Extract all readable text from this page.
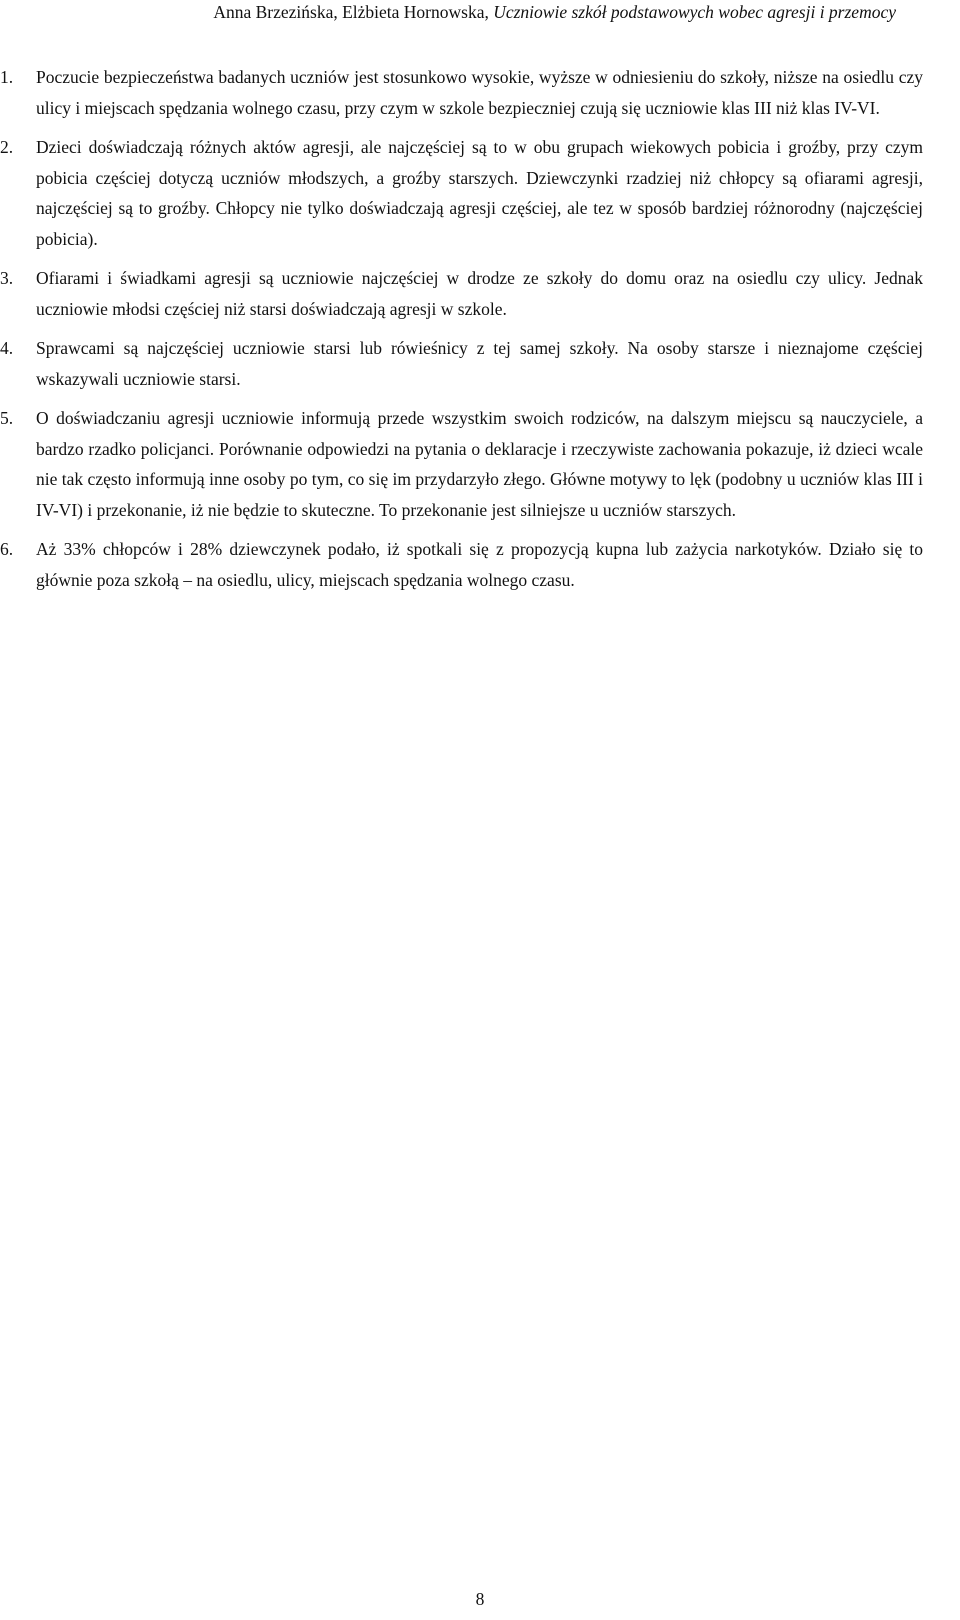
Anna Brzezińska, Elżbieta Hornowska, Uczniowie szkół podstawowych wobec agresji i przemocy
1.	Poczucie bezpieczeństwa badanych uczniów jest stosunkowo wysokie, wyższe w odniesieniu do szkoły, niższe na osiedlu czy ulicy i miejscach spędzania wolnego czasu, przy czym w szkole bezpieczniej czują się uczniowie klas III niż klas IV-VI.
2.	Dzieci doświadczają różnych aktów agresji, ale najczęściej są to w obu grupach wiekowych pobicia i groźby, przy czym pobicia częściej dotyczą uczniów młodszych, a groźby starszych. Dziewczynki rzadziej niż chłopcy są ofiarami agresji, najczęściej są to groźby. Chłopcy nie tylko doświadczają agresji częściej, ale tez w sposób bardziej różnorodny (najczęściej pobicia).
3.	Ofiarami i świadkami agresji są uczniowie najczęściej w drodze ze szkoły do domu oraz na osiedlu czy ulicy. Jednak uczniowie młodsi częściej niż starsi doświadczają agresji w szkole.
4.	Sprawcami są najczęściej uczniowie starsi lub rówieśnicy z tej samej szkoły. Na osoby starsze i nieznajome częściej wskazywali uczniowie starsi.
5.	O doświadczaniu agresji uczniowie informują przede wszystkim swoich rodziców, na dalszym miejscu są nauczyciele, a bardzo rzadko policjanci. Porównanie odpowiedzi na pytania o deklaracje i rzeczywiste zachowania pokazuje, iż dzieci wcale nie tak często informują inne osoby po tym, co się im przydarzyło złego. Główne motywy to lęk (podobny u uczniów klas III i IV-VI) i przekonanie, iż nie będzie to skuteczne. To przekonanie jest silniejsze u uczniów starszych.
6.	Aż 33% chłopców i 28% dziewczynek podało, iż spotkali się z propozycją kupna lub zażycia narkotyków. Działo się to głównie poza szkołą – na osiedlu, ulicy, miejscach spędzania wolnego czasu.
8
